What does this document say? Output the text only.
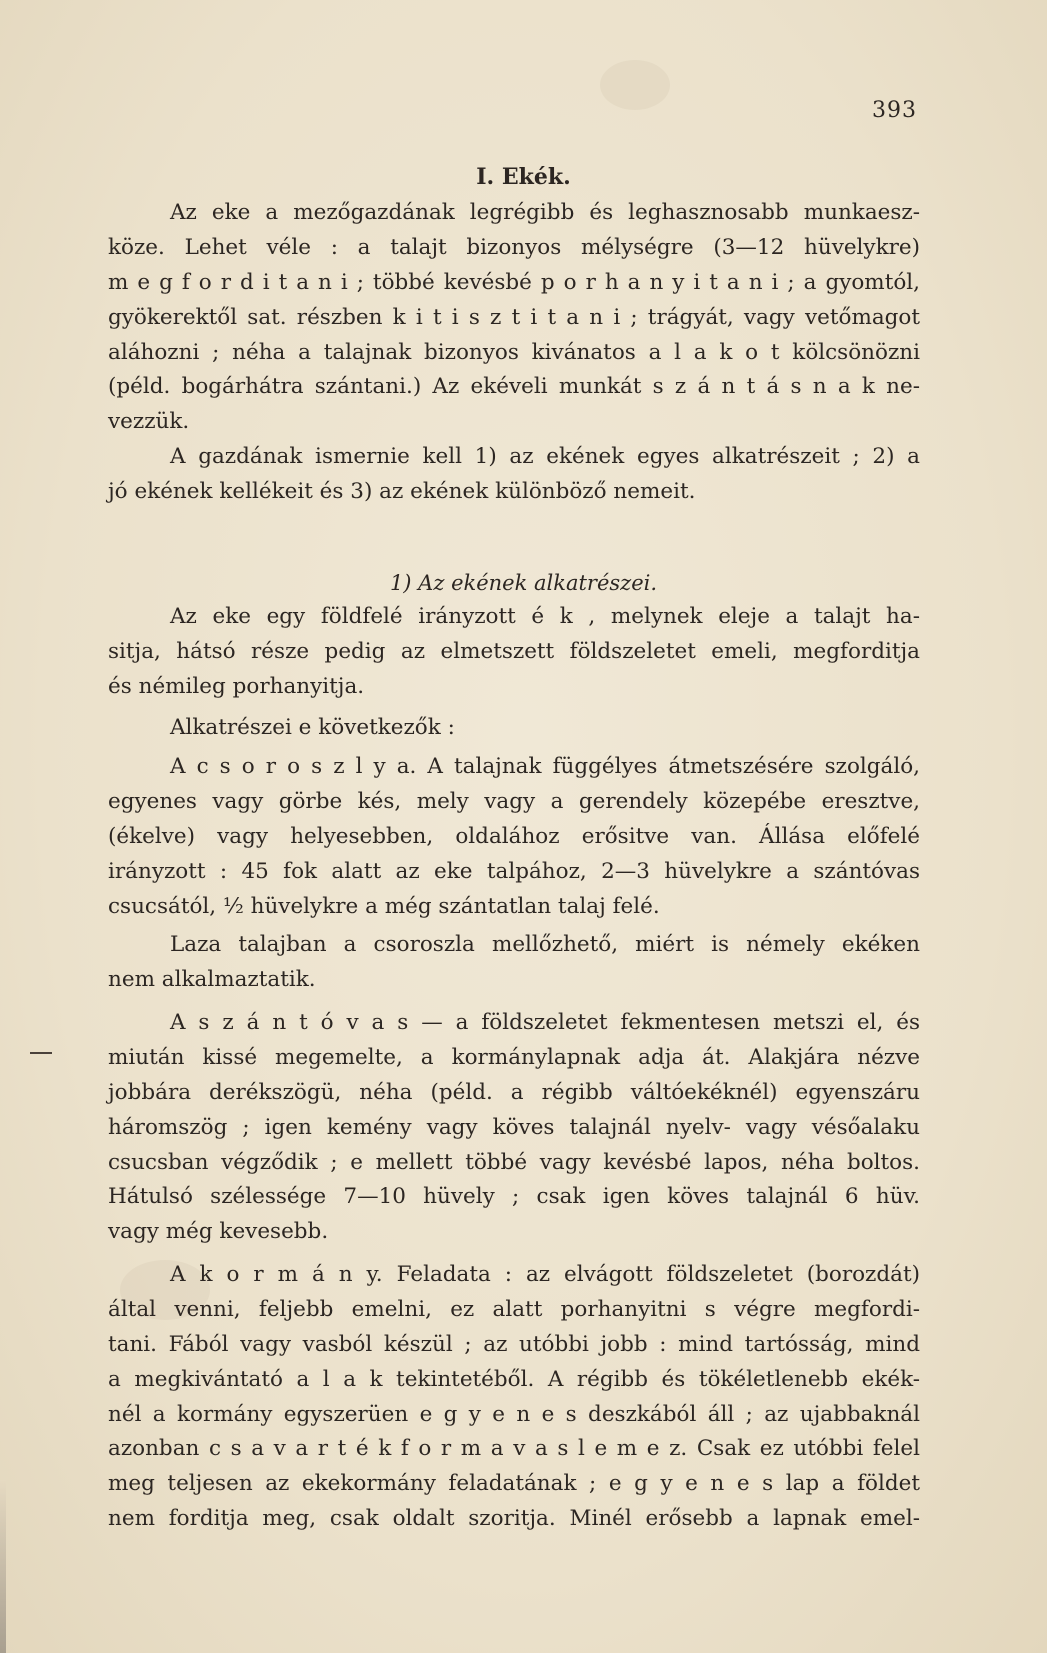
393
I. Ekék.
Az eke a mezőgazdának legrégibb és leghasznosabb munkaesz-
köze. Lehet véle : a talajt bizonyos mélységre (3—12 hüvelykre)
m e g f o r d i t a n i ; többé kevésbé p o r h a n y i t a n i ; a gyomtól,
gyökerektől sat. részben k i t i s z t i t a n i ; trágyát, vagy vetőmagot
aláhozni ; néha a talajnak bizonyos kivánatos a l a k o t kölcsönözni
(péld. bogárhátra szántani.) Az ekéveli munkát s z á n t á s n a k ne-
vezzük.
A gazdának ismernie kell 1) az ekének egyes alkatrészeit ; 2) a
jó ekének kellékeit és 3) az ekének különböző nemeit.
1) Az ekének alkatrészei.
Az eke egy földfelé irányzott é k , melynek eleje a talajt ha-
sitja, hátsó része pedig az elmetszett földszeletet emeli, megforditja
és némileg porhanyitja.
Alkatrészei e következők :
A c s o r o s z l y a. A talajnak függélyes átmetszésére szolgáló,
egyenes vagy görbe kés, mely vagy a gerendely közepébe eresztve,
(ékelve) vagy helyesebben, oldalához erősitve van. Állása előfelé
irányzott : 45 fok alatt az eke talpához, 2—3 hüvelykre a szántóvas
csucsától, ½ hüvelykre a még szántatlan talaj felé.
Laza talajban a csoroszla mellőzhető, miért is némely ekéken
nem alkalmaztatik.
A s z á n t ó v a s — a földszeletet fekmentesen metszi el, és
miután kissé megemelte, a kormánylapnak adja át. Alakjára nézve
jobbára derékszögü, néha (péld. a régibb váltóekéknél) egyenszáru
háromszög ; igen kemény vagy köves talajnál nyelv- vagy vésőalaku
csucsban végződik ; e mellett többé vagy kevésbé lapos, néha boltos.
Hátulsó szélessége 7—10 hüvely ; csak igen köves talajnál 6 hüv.
vagy még kevesebb.
A k o r m á n y. Feladata : az elvágott földszeletet (borozdát)
által venni, feljebb emelni, ez alatt porhanyitni s végre megfordi-
tani. Fából vagy vasból készül ; az utóbbi jobb : mind tartósság, mind
a megkivántató a l a k tekintetéből. A régibb és tökéletlenebb ekék-
nél a kormány egyszerüen e g y e n e s deszkából áll ; az ujabbaknál
azonban c s a v a r t é k f o r m a v a s l e m e z. Csak ez utóbbi felel
meg teljesen az ekekormány feladatának ; e g y e n e s lap a földet
nem forditja meg, csak oldalt szoritja. Minél erősebb a lapnak emel-
